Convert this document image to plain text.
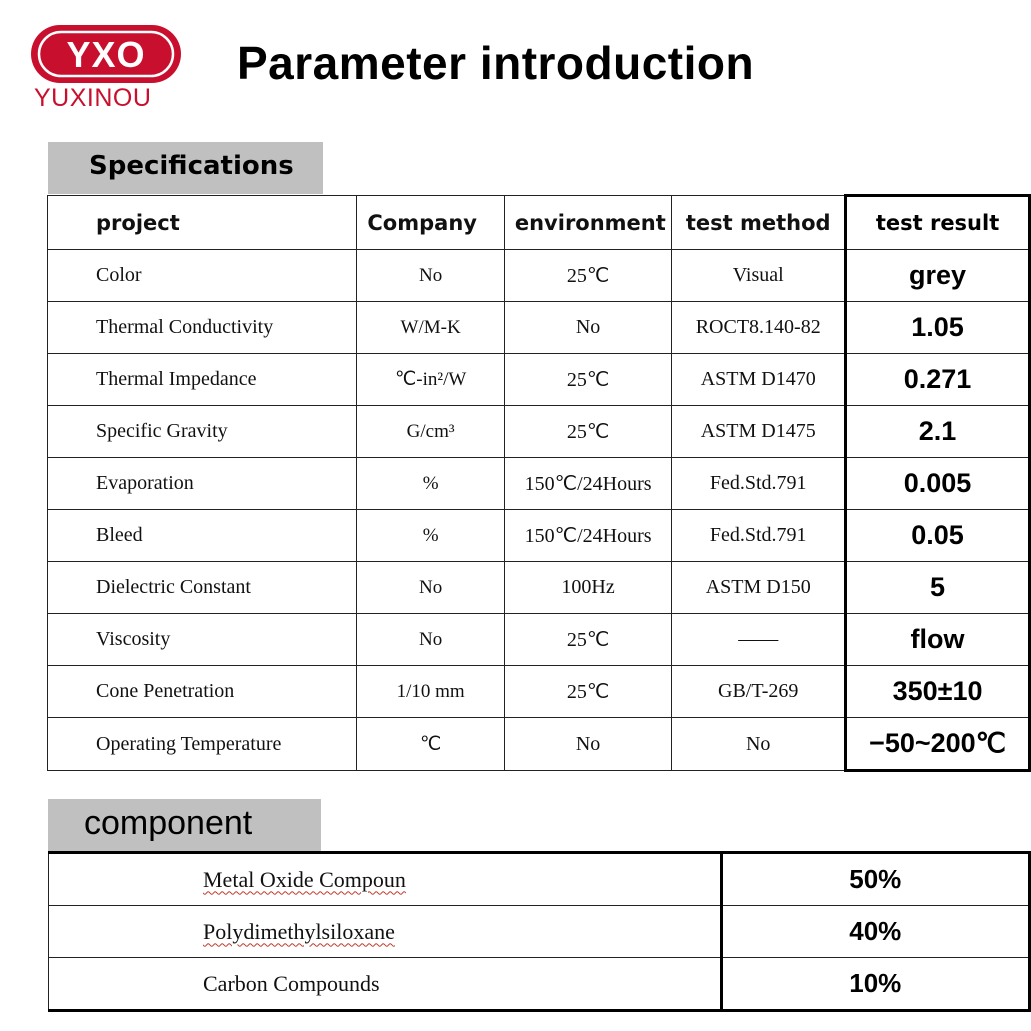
YXO
YUXINOU
Parameter introduction
Specifications
project	Company	environment	test method	test result
Color	No	25℃	Visual	grey
Thermal Conductivity	W/M-K	No	ROCT8.140-82	1.05
Thermal Impedance	℃-in²/W	25℃	ASTM D1470	0.271
Specific Gravity	G/cm³	25℃	ASTM D1475	2.1
Evaporation	%	150℃/24Hours	Fed.Std.791	0.005
Bleed	%	150℃/24Hours	Fed.Std.791	0.05
Dielectric Constant	No	100Hz	ASTM D150	5
Viscosity	No	25℃	——	flow
Cone Penetration	1/10 mm	25℃	GB/T-269	350±10
Operating Temperature	℃	No	No	−50~200℃
component
Metal Oxide Compoun	50%
Polydimethylsiloxane	40%
Carbon Compounds	10%
